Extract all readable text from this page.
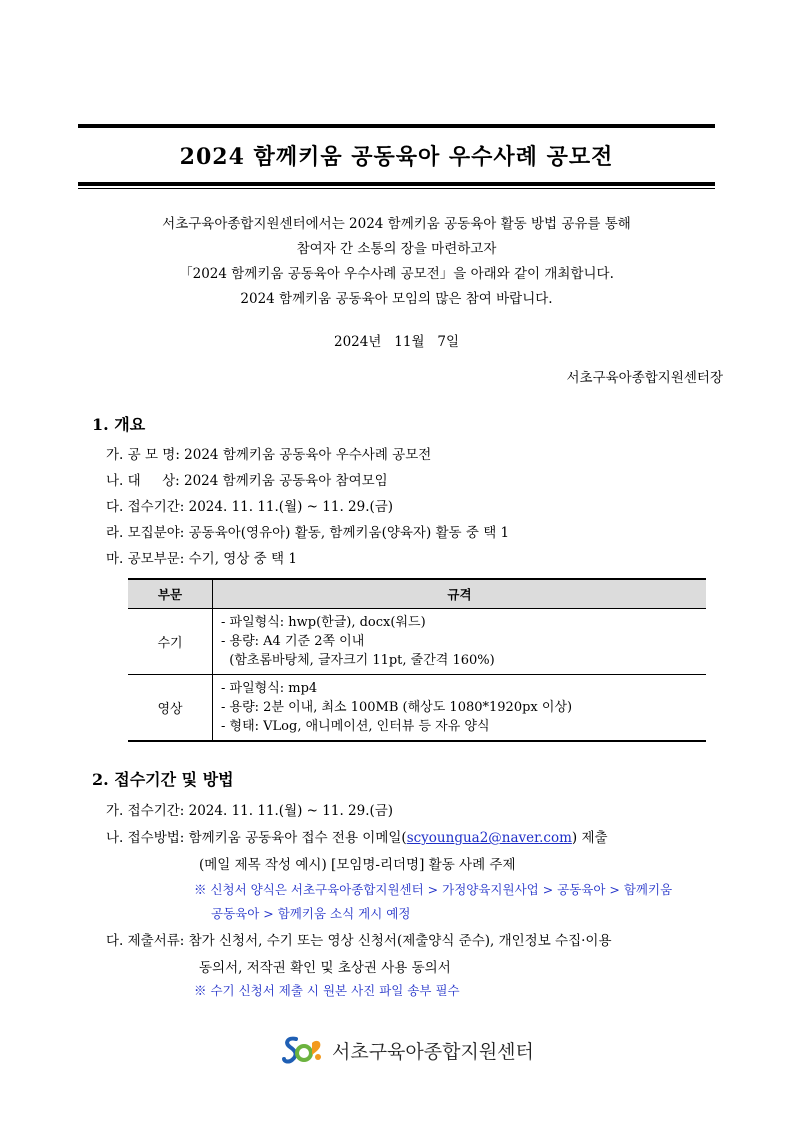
2024 함께키움 공동육아 우수사례 공모전
서초구육아종합지원센터에서는 2024 함께키움 공동육아 활동 방법 공유를 통해
참여자 간 소통의 장을 마련하고자
「2024 함께키움 공동육아 우수사례 공모전」을 아래와 같이 개최합니다.
2024 함께키움 공동육아 모임의 많은 참여 바랍니다.
2024년   11월   7일
서초구육아종합지원센터장
1. 개요
가. 공 모 명: 2024 함께키움 공동육아 우수사례 공모전
나. 대     상: 2024 함께키움 공동육아 참여모임
다. 접수기간: 2024. 11. 11.(월) ~ 11. 29.(금)
라. 모집분야: 공동육아(영유아) 활동, 함께키움(양육자) 활동 중 택 1
마. 공모부문: 수기, 영상 중 택 1
부문	규격
수기	- 파일형식: hwp(한글), docx(워드)
- 용량: A4 기준 2쪽 이내
(함초롬바탕체, 글자크기 11pt, 줄간격 160%)

영상	- 파일형식: mp4
- 용량: 2분 이내, 최소 100MB (해상도 1080*1920px 이상)
- 형태: VLog, 애니메이션, 인터뷰 등 자유 양식
2. 접수기간 및 방법
가. 접수기간: 2024. 11. 11.(월) ~ 11. 29.(금)
나. 접수방법: 함께키움 공동육아 접수 전용 이메일(scyoungua2@naver.com) 제출
(메일 제목 작성 예시) [모임명-리더명] 활동 사례 주제
※ 신청서 양식은 서초구육아종합지원센터 > 가정양육지원사업 > 공동육아 > 함께키움
공동육아 > 함께키움 소식 게시 예정
다. 제출서류: 참가 신청서, 수기 또는 영상 신청서(제출양식 준수), 개인정보 수집·이용
동의서, 저작권 확인 및 초상권 사용 동의서
※ 수기 신청서 제출 시 원본 사진 파일 송부 필수
서초구육아종합지원센터
